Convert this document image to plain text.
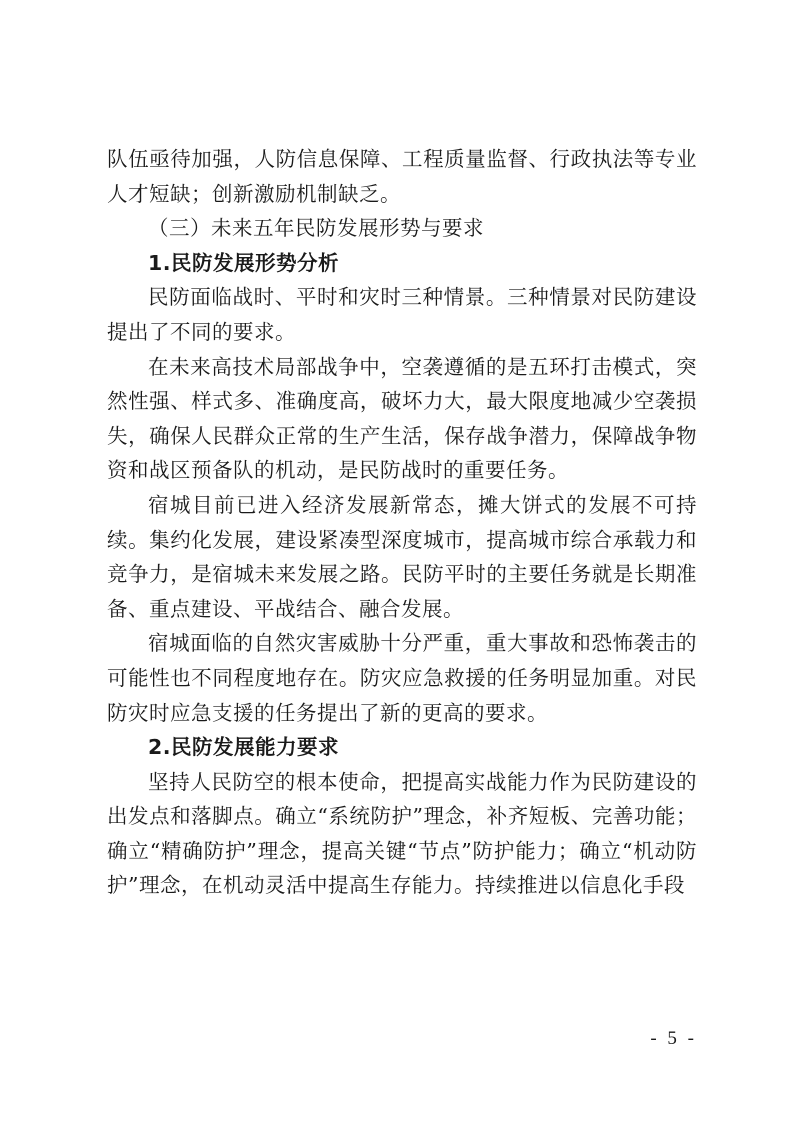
队伍亟待加强，人防信息保障、工程质量监督、行政执法等专业人才短缺；创新激励机制缺乏。

（三）未来五年民防发展形势与要求

1.民防发展形势分析

民防面临战时、平时和灾时三种情景。三种情景对民防建设提出了不同的要求。

在未来高技术局部战争中，空袭遵循的是五环打击模式，突然性强、样式多、准确度高，破坏力大，最大限度地减少空袭损失，确保人民群众正常的生产生活，保存战争潜力，保障战争物资和战区预备队的机动，是民防战时的重要任务。

宿城目前已进入经济发展新常态，摊大饼式的发展不可持续。集约化发展，建设紧凑型深度城市，提高城市综合承载力和竞争力，是宿城未来发展之路。民防平时的主要任务就是长期准备、重点建设、平战结合、融合发展。

宿城面临的自然灾害威胁十分严重，重大事故和恐怖袭击的可能性也不同程度地存在。防灾应急救援的任务明显加重。对民防灾时应急支援的任务提出了新的更高的要求。

2.民防发展能力要求

坚持人民防空的根本使命，把提高实战能力作为民防建设的出发点和落脚点。确立“系统防护”理念，补齐短板、完善功能；确立“精确防护”理念，提高关键“节点”防护能力；确立“机动防护”理念，在机动灵活中提高生存能力。持续推进以信息化手段

- 5 -
